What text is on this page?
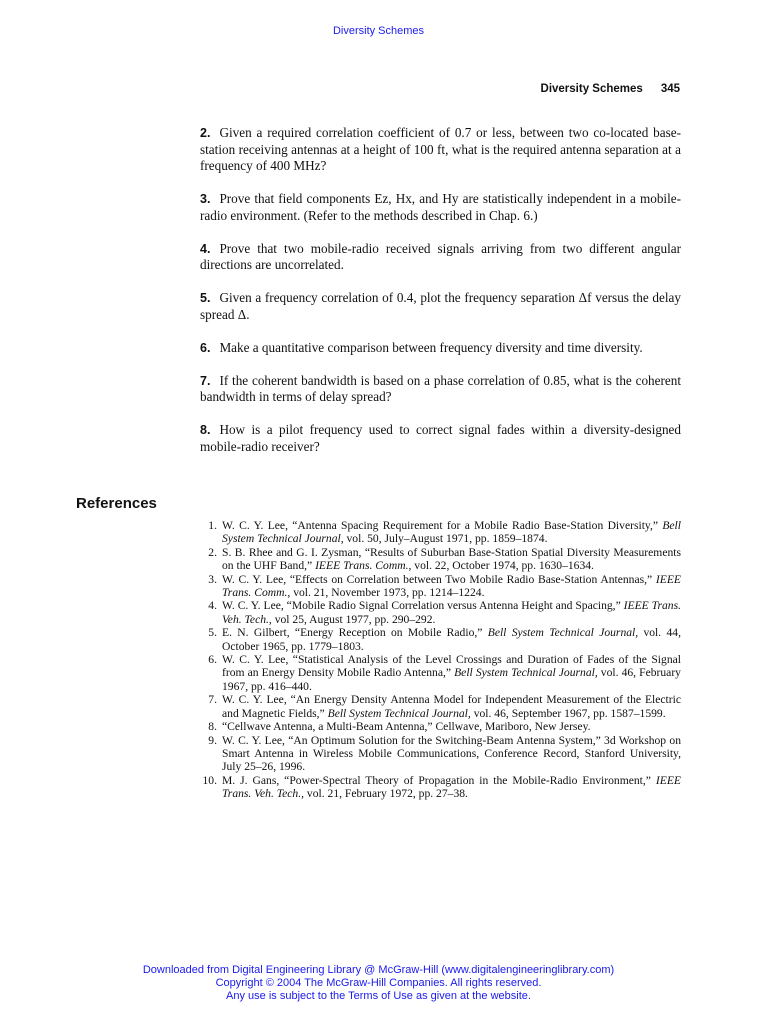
Diversity Schemes
Diversity Schemes 345

2. Given a required correlation coefficient of 0.7 or less, between two co-located base-station receiving antennas at a height of 100 ft, what is the required antenna separation at a frequency of 400 MHz?

3. Prove that field components Ez, Hx, and Hy are statistically independent in a mobile-radio environment. (Refer to the methods described in Chap. 6.)

4. Prove that two mobile-radio received signals arriving from two different angular directions are uncorrelated.

5. Given a frequency correlation of 0.4, plot the frequency separation Δf versus the delay spread Δ.

6. Make a quantitative comparison between frequency diversity and time diversity.

7. If the coherent bandwidth is based on a phase correlation of 0.85, what is the coherent bandwidth in terms of delay spread?

8. How is a pilot frequency used to correct signal fades within a diversity-designed mobile-radio receiver?

References
1. W. C. Y. Lee, “Antenna Spacing Requirement for a Mobile Radio Base-Station Diversity,” Bell System Technical Journal, vol. 50, July–August 1971, pp. 1859–1874.
2. S. B. Rhee and G. I. Zysman, “Results of Suburban Base-Station Spatial Diversity Measurements on the UHF Band,” IEEE Trans. Comm., vol. 22, October 1974, pp. 1630–1634.
3. W. C. Y. Lee, “Effects on Correlation between Two Mobile Radio Base-Station Antennas,” IEEE Trans. Comm., vol. 21, November 1973, pp. 1214–1224.
4. W. C. Y. Lee, “Mobile Radio Signal Correlation versus Antenna Height and Spacing,” IEEE Trans. Veh. Tech., vol 25, August 1977, pp. 290–292.
5. E. N. Gilbert, “Energy Reception on Mobile Radio,” Bell System Technical Journal, vol. 44, October 1965, pp. 1779–1803.
6. W. C. Y. Lee, “Statistical Analysis of the Level Crossings and Duration of Fades of the Signal from an Energy Density Mobile Radio Antenna,” Bell System Technical Journal, vol. 46, February 1967, pp. 416–440.
7. W. C. Y. Lee, “An Energy Density Antenna Model for Independent Measurement of the Electric and Magnetic Fields,” Bell System Technical Journal, vol. 46, September 1967, pp. 1587–1599.
8. “Cellwave Antenna, a Multi-Beam Antenna,” Cellwave, Mariboro, New Jersey.
9. W. C. Y. Lee, “An Optimum Solution for the Switching-Beam Antenna System,” 3d Workshop on Smart Antenna in Wireless Mobile Communications, Conference Record, Stanford University, July 25–26, 1996.
10. M. J. Gans, “Power-Spectral Theory of Propagation in the Mobile-Radio Environment,” IEEE Trans. Veh. Tech., vol. 21, February 1972, pp. 27–38.
Downloaded from Digital Engineering Library @ McGraw-Hill (www.digitalengineeringlibrary.com)
Copyright © 2004 The McGraw-Hill Companies. All rights reserved.
Any use is subject to the Terms of Use as given at the website.
